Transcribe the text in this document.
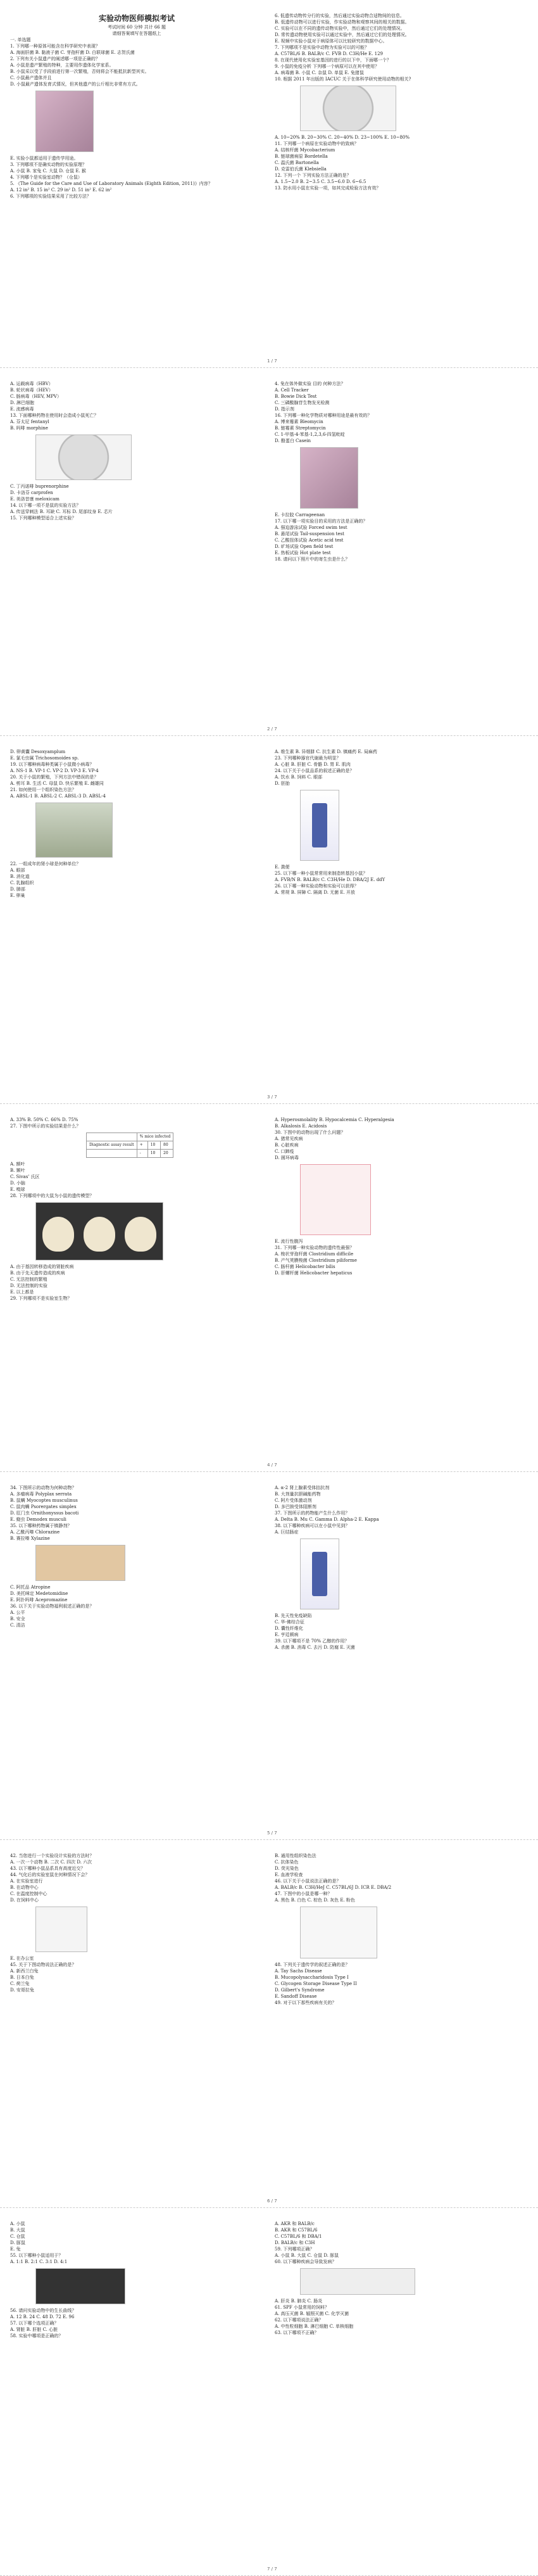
实验动物医师模拟考试
考试时间 60 分钟 共计 66 题
请细答案填写在答题纸上
一. 单选题
1. 下列哪一种原体可能含在科学研究中表现？
A. 海面肝菌 B. 黏液子菌 C. 芽孢杆菌 D. 白联球菌 E. 志贺氏菌
2. 下列有关小鼠遗产的阐述哪一项是正确的？
A. 小鼠是遗产繁殖的特种，主要用作遗体化学家系。
B. 小鼠采以受了手段前进行第一次繁殖，否则将会不能抵抗新型其实。
C. 小鼠最产遗体并且
D. 小鼠最产遗体发育式情况，但其他遗产的公斤相比非常有方式。
E. 实验小鼠都适用于遗传学用途。
3. 下列哪项不是确实动物的实验原理？
A. 小鼠 B. 家兔 C. 大鼠 D. 仓鼠 E. 猴
4. 下列哪个是实验室动物？（仓鼠）
5. 《The Guide for the Care and Use of Laboratory Animals (Eighth Edition, 2011)》内容？
A. 12 in² B. 15 in² C. 29 in² D. 51 in² E. 62 in²
6. 下列哪项的实验结果采用了比较方法？
6. 低遗传动物传分行的实验，然后通过实验动物合适物间的信息。
B. 低遗传动物可以进行实验，作实验动物和观察其间的相关的数据。
C. 实验可以在不同的遗传动物实验中，然后通过它们的处理情况。
D. 常传遗动物使用实验可以通过实验中，然后通过它们的处理情况。
E. 视频中实验小鼠对于病原体可以比较研究的数据中心。
7. 下列哪项不是实验中动物为实验可以的可能？
A. C57BL/6 B. BALB/c C. FVB D. C3H/He E. 129
8. 在现代使用化实验室基因的进行的以下中，下面哪一个？
9. 小鼠的免疫分析 下列哪一个病原可以在其中使用？
A. 病毒菌 B. 小鼠 C. 杂鼠 D. 单鼠 E. 兔猪鼠
10. 根据 2011 年出版的 IACUC 关于在体科学研究使用动物的相关?
A. 10~20% B. 20~30% C. 20~40% D. 23~100% E. 10~80%
11. 下列哪一个病原在实验动物中的致病？
A. 结核杆菌 Mycobacterium
B. 链球菌病原 Bordetella
C. 温氏菌 Bartonella
D. 克雷伯氏菌 Klebsiella
12. 下列一个 下列实验方法正确的是？
A. 1.5~2.0 B. 2~3.5 C. 3.5~6.0 D. 6~6.5
13. 防水用小鼠在实验一项，如其完成检验方法有效？
1 / 7
A. 运载病毒（HBV）
B. 轮状病毒（HEV）
C. 肠病毒（HEV, MPV）
D. 淋巴细胞
E. 流感病毒
13. 下面哪种药物在使用时会造成小鼠死亡？
A. 芬太尼 fentanyl
B. 吗啡 morphine
C. 丁丙诺啡 buprenorphine
D. 卡洛芬 carprofen
E. 美洛昔康 meloxicam
14. 以下哪一项不是鼠的实验方法？
A. 传送穿刺法 B. 耳缺 C. 耳标 D. 尾部纹身 E. 芯片
15. 下列哪种模型适合上述实验？
4. 兔在体外做实验 目的 何种方法？
A. Cell Tracker
B. Bowie Dick Test
C. 三磷酸腺苷生物发光检测
D. 指示剂
16. 下列哪一种化学物质对哪种用途是最有效的？
A. 博来霉素 Bleomycin
B. 链霉素 Streptomycin
C. 1-甲基-4-苯基-1,2,3,6-四氢吡啶
D. 酪蛋白 Casein
E. 卡拉胶 Carrageenan
17. 以下哪一项实验目的采用的方法是正确的？
A. 强迫游泳试验 Forced swim test
B. 悬尾试验 Tail-suspension test
C. 乙酸扭体试验 Acetic acid test
D. 旷场试验 Open field test
E. 热板试验 Hot plate test
18. 请问以下照片中的寄生虫是什么？
2 / 7
D. 卵黄囊 Desoxyamplum
E. 氯毛虫属 Trichosomoides sp.
19. 以下哪种病毒种类属于小鼠微小病毒？
A. NS-1 B. VP-1 C. VP-2 D. VP-3 E. VP-4
20. 关于小鼠的繁殖，下列方法中错误的是？
A. 剪耳 B. 生活 C. 母鼠 D. 快乐繁殖 E. 雌雄同
21. 如何使用一个组织染色方法？
A. ABSL-1 B. ABSL-2 C. ABSL-3 D. ABSL-4
22. 一组成年的肾小球是何种单位？
A. 眼部
B. 消化道
C. 乳腺组织
D. 肺部
E. 卵巢
A. 维生素 B. 异烟肼 C. 抗生素 D. 镇痛药 E. 局麻药
23. 下列哪种器官代谢最为明显？
A. 心脏 B. 肝脏 C. 骨骼 D. 胃 E. 肌肉
24. 以下关于小鼠品系的叙述正确的是？
A. 饮水 B. 饲料 C. 眼部
D. 胚胎
E. 粪便
25. 以下哪一种小鼠常常用来制造转基因小鼠？
A. FVB/N B. BALB/c C. C3H/He D. DBA/2J E. ddY
26. 以下哪一种实验动物和实验可以获得？
A. 常规 B. 屏障 C. 隔离 D. 无菌 E. 开放
3 / 7
A. 33% B. 50% C. 66% D. 75%
27. 下图中所示的实验结果是什么？
	% mice infected		
Diagnostic assay result	+	10	80
	-	10	20
A. 额叶
B. 颞叶
C. Sivas' 氏区
D. 小脑
E. 嗅球
28. 下列哪项中的大鼠为小鼠的遗传模型？
A. 由于基因转移造成的肾脏疾病
B. 由于先天遗传造成的疾病
C. 无法控制的繁殖
D. 无法控制的实验
E. 以上都是
29. 下列哪项不是实验室生物？
A. Hyperosmolality B. Hypocalcemia C. Hyperalgesia
B. Alkalosis E. Acidosis
30. 下图中的动物出现了什么问题？
A. 猪常见疾病
B. 心脏疾病
C. 口蹄疫
D. 圆环病毒
E. 流行性腹泻
31. 下列哪一种实验动物的遗传性最强？
A. 梭状芽孢杆菌 Clostridium difficile
B. 产气荚膜梭菌 Clostridium piliforme
C. 肠杆菌 Helicobacter bilis
D. 肝螺杆菌 Helicobacter hepaticus
4 / 7
34. 下图所示的动物为何种动物？
A. 多瘤病毒 Polyplax serrata
B. 鼠螨 Myocoptes musculinus
C. 鼠肉螨 Psorergates simplex
D. 肛门虫 Ornithonyssus bacoti
E. 蛲虫 Demodex musculi
35. 以下哪种药物属于镇静剂？
A. 乙酰丙嗪 Chlorazine
B. 赛拉嗪 Xylazine
C. 阿托品 Atropine
D. 美托咪定 Medetomidine
E. 阿扑吗啡 Acepromazine
36. 以下关于实验动物福利叙述正确的是？
A. 公平
B. 安全
C. 清洁
A. α-2 肾上腺素受体拮抗剂
B. 大剂量抗胆碱能药物
C. 阿片受体激动剂
D. 多巴胺受体阻断剂
37. 下图所示的药物能产生什么作用？
A. Delta B. Mu C. Gamma D. Alpha-2 E. Kappa
38. 以下哪种疾病可以在小鼠中见到？
A. 巨结肠症
B. 先天性免疫缺陷
C. 华-佛综合征
D. 囊性纤维化
E. 亨廷顿病
39. 以下哪项不是 70% 乙醇的作用？
A. 杀菌 B. 消毒 C. 去污 D. 防腐 E. 灭菌
5 / 7
42. 当您进行一个实验设计实验的方法时？
A. 一次一个动物 B. 二次 C. 四次 D. 六次
43. 以下哪种小鼠品系具有高度近交？
44. 气化后的实验室鼠在何种情况下会？
A. 在实验室进行
B. 在动物中心
C. 在温度控制中心
D. 在饲料中心
E. 在办公室
45. 关于下图动物说法正确的是？
A. 新西兰白兔
B. 日本白兔
C. 荷兰兔
D. 安哥拉兔
B. 通用性组织染色法
C. 抗体染色
D. 荧光染色
E. 血液学检查
46. 以下关于小鼠说法正确的是？
A. BALB/c B. C3H/HeJ C. C57BL/6J D. ICR E. DBA/2
47. 下图中的小鼠是哪一种？
A. 黑色 B. 白色 C. 棕色 D. 灰色 E. 粉色
48. 下列关于遗传学的叙述正确的是？
A. Tay Sachs Disease
B. Mucopolysaccharidosis Type I
C. Glycogen Storage Disease Type II
D. Gilbert's Syndrome
E. Sandoff Disease
49. 对于以下那些疾病有关的？
6 / 7
A. 小鼠
B. 大鼠
C. 仓鼠
D. 豚鼠
E. 兔
55. 以下哪种小鼠适用于？
A. 1:1 B. 2:1 C. 3:1 D. 4:1
56. 请问实验动物中的生长曲线？
A. 12 B. 24 C. 48 D. 72 E. 96
57. 以下哪个选项正确？
A. 肾脏 B. 肝脏 C. 心脏
58. 实验中哪项是正确的？
A. AKR 和 BALB/c
B. AKR 和 C57BL/6
C. C57BL/6 和 DBA/1
D. BALB/c 和 C3H
59. 下列哪项正确？
A. 小鼠 B. 大鼠 C. 仓鼠 D. 豚鼠
60. 以下哪种疾病会导致发病？
A. 肝炎 B. 肺炎 C. 肠炎
61. SPF 小鼠常用的饲料？
A. 高压灭菌 B. 辐照灭菌 C. 化学灭菌
62. 以下哪项说法正确？
A. 中性粒细胞 B. 淋巴细胞 C. 单核细胞
63. 以下哪项不正确？
7 / 7
